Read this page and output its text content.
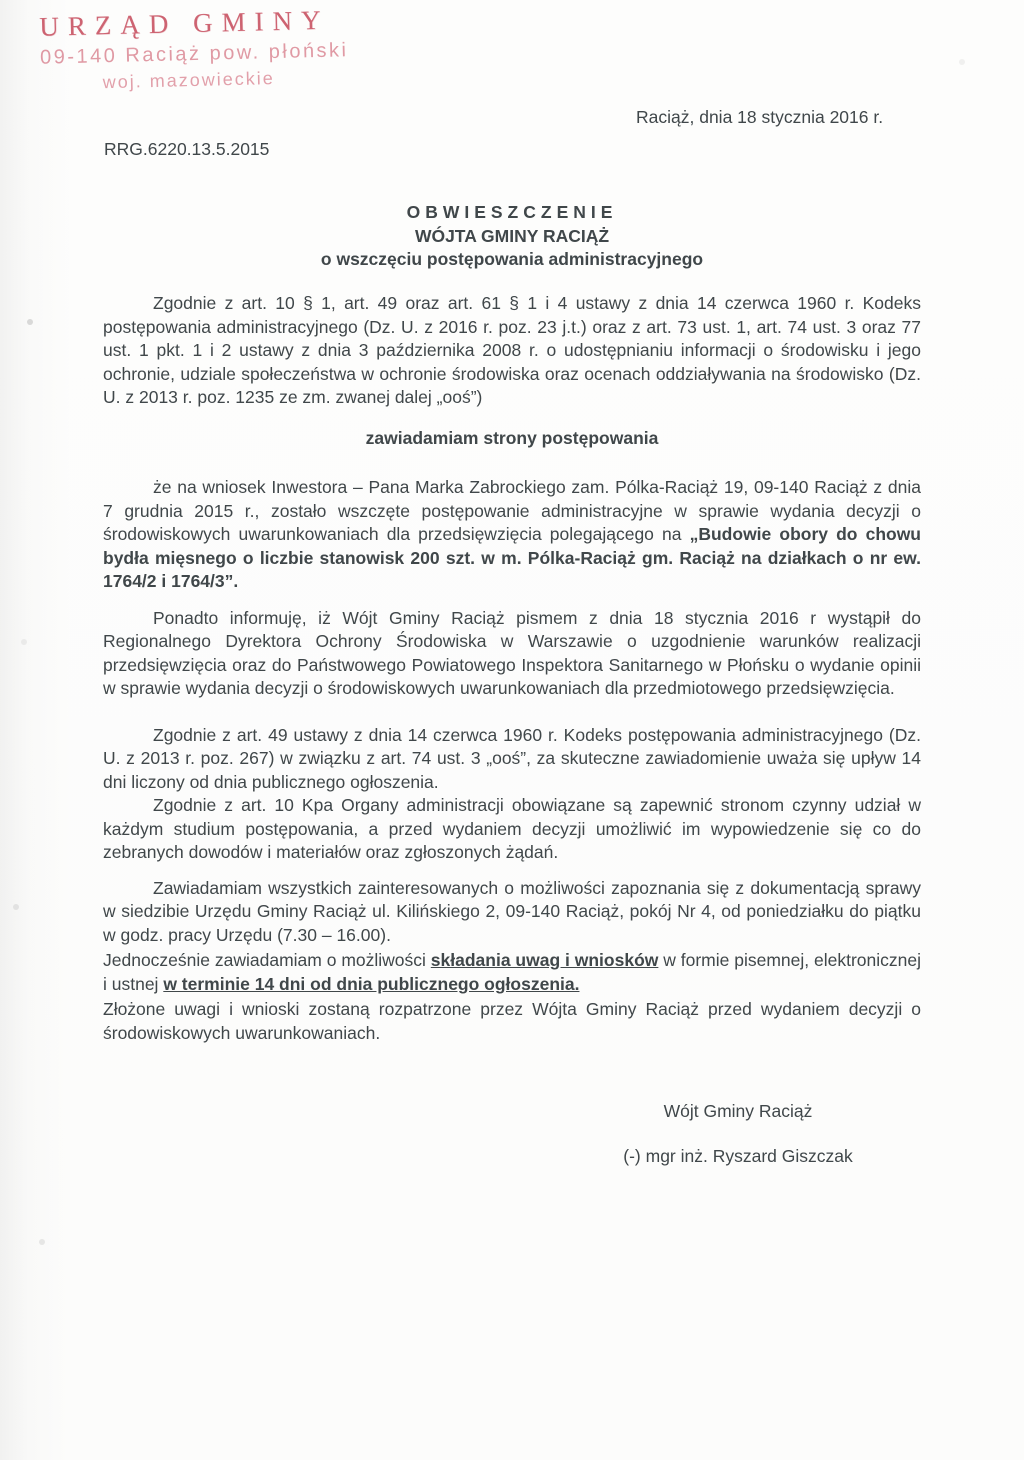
URZĄD GMINY
09-140 Raciąż pow. płoński
woj. mazowieckie
Raciąż, dnia 18 stycznia 2016 r.
RRG.6220.13.5.2015
OBWIESZCZENIE
WÓJTA GMINY RACIĄŻ
o wszczęciu postępowania administracyjnego

Zgodnie z art. 10 § 1, art. 49 oraz art. 61 § 1 i 4 ustawy z dnia 14 czerwca 1960 r. Kodeks postępowania administracyjnego (Dz. U. z 2016 r. poz. 23 j.t.) oraz z art. 73 ust. 1, art. 74 ust. 3 oraz 77 ust. 1 pkt. 1 i 2 ustawy z dnia 3 października 2008 r. o udostępnianiu informacji o środowisku i jego ochronie, udziale społeczeństwa w ochronie środowiska oraz ocenach oddziaływania na środowisko (Dz. U. z 2013 r. poz. 1235 ze zm. zwanej dalej „ooś”)

zawiadamiam strony postępowania

że na wniosek Inwestora – Pana Marka Zabrockiego zam. Pólka-Raciąż 19, 09-140 Raciąż z dnia 7 grudnia 2015 r., zostało wszczęte postępowanie administracyjne w sprawie wydania decyzji o środowiskowych uwarunkowaniach dla przedsięwzięcia polegającego na „Budowie obory do chowu bydła mięsnego o liczbie stanowisk 200 szt. w m. Pólka-Raciąż gm. Raciąż na działkach o nr ew. 1764/2 i 1764/3”.

Ponadto informuję, iż Wójt Gminy Raciąż pismem z dnia 18 stycznia 2016 r wystąpił do Regionalnego Dyrektora Ochrony Środowiska w Warszawie o uzgodnienie warunków realizacji przedsięwzięcia oraz do Państwowego Powiatowego Inspektora Sanitarnego w Płońsku o wydanie opinii w sprawie wydania decyzji o środowiskowych uwarunkowaniach dla przedmiotowego przedsięwzięcia.

Zgodnie z art. 49 ustawy z dnia 14 czerwca 1960 r. Kodeks postępowania administracyjnego (Dz. U. z 2013 r. poz. 267) w związku z art. 74 ust. 3 „ooś”, za skuteczne zawiadomienie uważa się upływ 14 dni liczony od dnia publicznego ogłoszenia.

Zgodnie z art. 10 Kpa Organy administracji obowiązane są zapewnić stronom czynny udział w każdym studium postępowania, a przed wydaniem decyzji umożliwić im wypowiedzenie się co do zebranych dowodów i materiałów oraz zgłoszonych żądań.

Zawiadamiam wszystkich zainteresowanych o możliwości zapoznania się z dokumentacją sprawy w siedzibie Urzędu Gminy Raciąż ul. Kilińskiego 2, 09-140 Raciąż, pokój Nr 4, od poniedziałku do piątku w godz. pracy Urzędu (7.30 – 16.00).

Jednocześnie zawiadamiam o możliwości składania uwag i wniosków w formie pisemnej, elektronicznej i ustnej w terminie 14 dni od dnia publicznego ogłoszenia.

Złożone uwagi i wnioski zostaną rozpatrzone przez Wójta Gminy Raciąż przed wydaniem decyzji o środowiskowych uwarunkowaniach.

Wójt Gminy Raciąż
(-) mgr inż. Ryszard Giszczak
